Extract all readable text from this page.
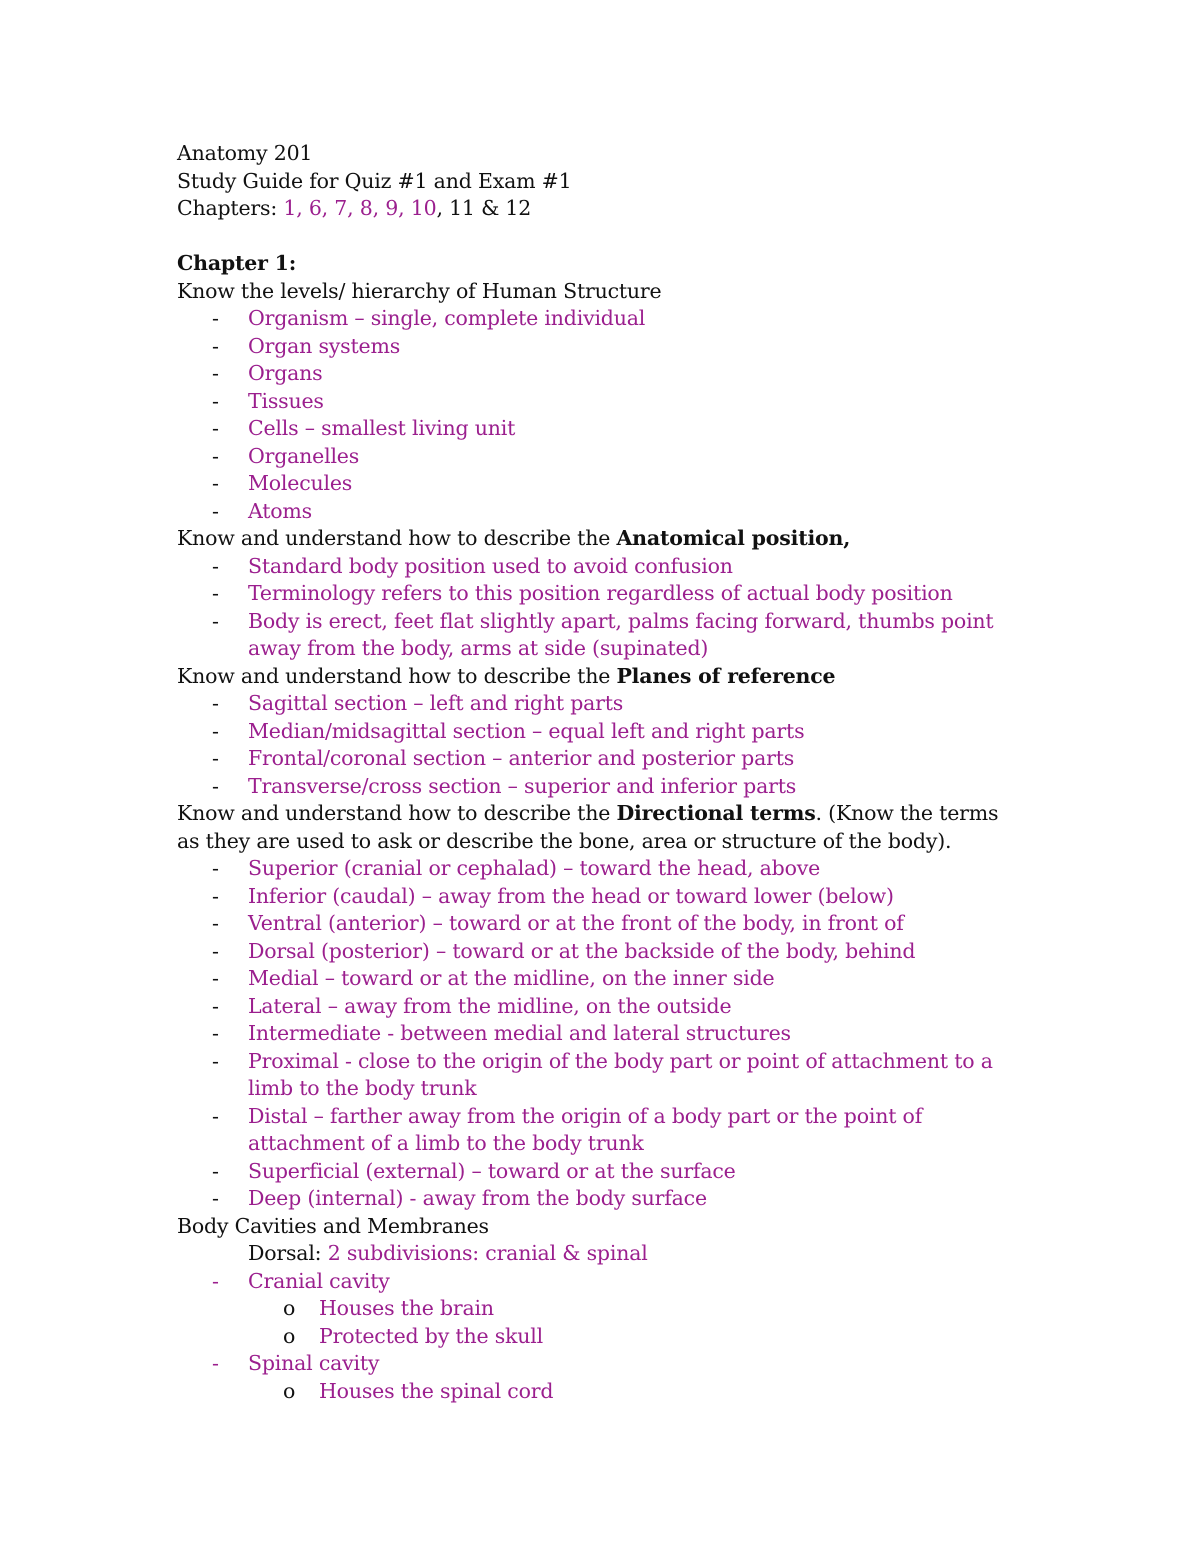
Anatomy 201

Study Guide for Quiz #1 and Exam #1

Chapters: 1, 6, 7, 8, 9, 10, 11 & 12

Chapter 1:

Know the levels/ hierarchy of Human Structure

- Organism – single, complete individual
- Organ systems
- Organs
- Tissues
- Cells – smallest living unit
- Organelles
- Molecules
- Atoms

Know and understand how to describe the Anatomical position,

- Standard body position used to avoid confusion
- Terminology refers to this position regardless of actual body position
- Body is erect, feet flat slightly apart, palms facing forward, thumbs point away from the body, arms at side (supinated)

Know and understand how to describe the Planes of reference

- Sagittal section – left and right parts
- Median/midsagittal section – equal left and right parts
- Frontal/coronal section – anterior and posterior parts
- Transverse/cross section – superior and inferior parts

Know and understand how to describe the Directional terms. (Know the terms as they are used to ask or describe the bone, area or structure of the body).

- Superior (cranial or cephalad) – toward the head, above
- Inferior (caudal) – away from the head or toward lower (below)
- Ventral (anterior) – toward or at the front of the body, in front of
- Dorsal (posterior) – toward or at the backside of the body, behind
- Medial – toward or at the midline, on the inner side
- Lateral – away from the midline, on the outside
- Intermediate - between medial and lateral structures
- Proximal - close to the origin of the body part or point of attachment to a limb to the body trunk
- Distal – farther away from the origin of a body part or the point of attachment of a limb to the body trunk
- Superficial (external) – toward or at the surface
- Deep (internal) - away from the body surface

Body Cavities and Membranes

Dorsal: 2 subdivisions: cranial & spinal

- Cranial cavity
o Houses the brain
o Protected by the skull
- Spinal cavity
o Houses the spinal cord
